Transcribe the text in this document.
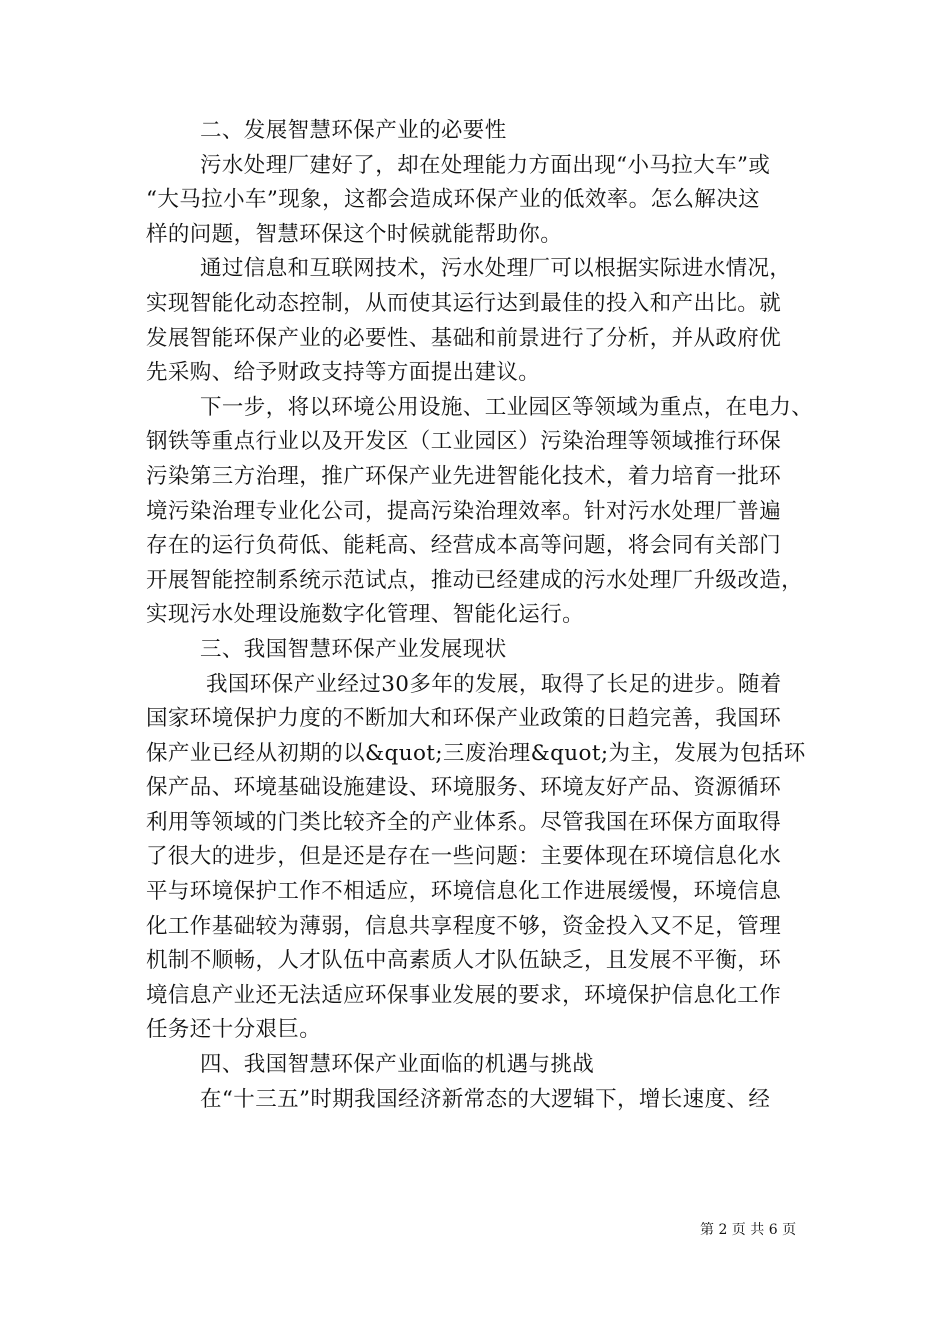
二、发展智慧环保产业的必要性
污水处理厂建好了，却在处理能力方面出现“小马拉大车”或
“大马拉小车”现象，这都会造成环保产业的低效率。怎么解决这
样的问题，智慧环保这个时候就能帮助你。
通过信息和互联网技术，污水处理厂可以根据实际进水情况，
实现智能化动态控制，从而使其运行达到最佳的投入和产出比。就
发展智能环保产业的必要性、基础和前景进行了分析，并从政府优
先采购、给予财政支持等方面提出建议。
下一步，将以环境公用设施、工业园区等领域为重点，在电力、
钢铁等重点行业以及开发区（工业园区）污染治理等领域推行环保
污染第三方治理，推广环保产业先进智能化技术，着力培育一批环
境污染治理专业化公司，提高污染治理效率。针对污水处理厂普遍
存在的运行负荷低、能耗高、经营成本高等问题，将会同有关部门
开展智能控制系统示范试点，推动已经建成的污水处理厂升级改造，
实现污水处理设施数字化管理、智能化运行。
三、我国智慧环保产业发展现状
我国环保产业经过30多年的发展，取得了长足的进步。随着
国家环境保护力度的不断加大和环保产业政策的日趋完善，我国环
保产业已经从初期的以&quot;三废治理&quot;为主，发展为包括环
保产品、环境基础设施建设、环境服务、环境友好产品、资源循环
利用等领域的门类比较齐全的产业体系。尽管我国在环保方面取得
了很大的进步，但是还是存在一些问题：主要体现在环境信息化水
平与环境保护工作不相适应，环境信息化工作进展缓慢，环境信息
化工作基础较为薄弱，信息共享程度不够，资金投入又不足，管理
机制不顺畅，人才队伍中高素质人才队伍缺乏，且发展不平衡，环
境信息产业还无法适应环保事业发展的要求，环境保护信息化工作
任务还十分艰巨。
四、我国智慧环保产业面临的机遇与挑战
在“十三五”时期我国经济新常态的大逻辑下，增长速度、经
第 2 页 共 6 页
